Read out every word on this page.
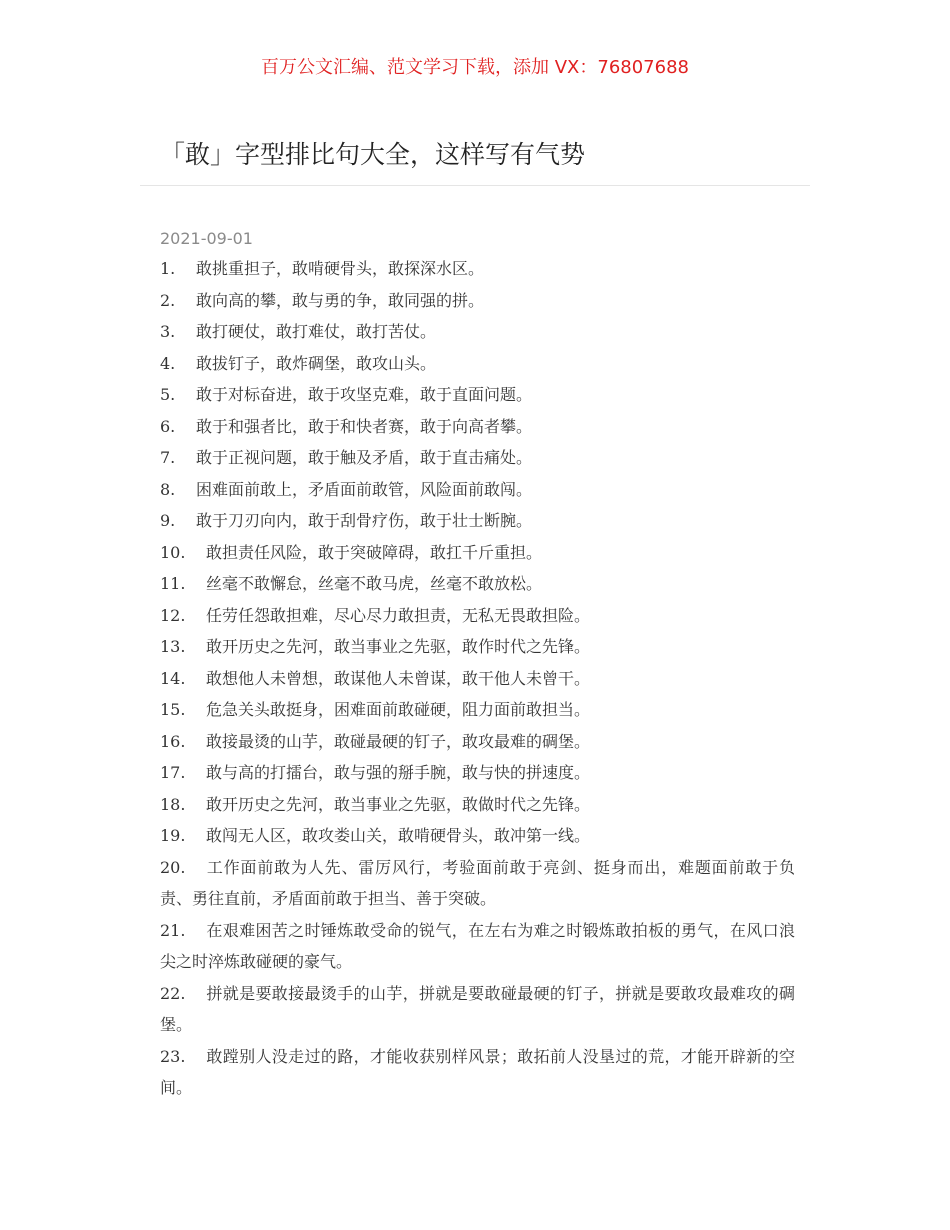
百万公文汇编、范文学习下载，添加 VX：76807688
「敢」字型排比句大全，这样写有气势
2021-09-01
1. 敢挑重担子，敢啃硬骨头，敢探深水区。
2. 敢向高的攀，敢与勇的争，敢同强的拼。
3. 敢打硬仗，敢打难仗，敢打苦仗。
4. 敢拔钉子，敢炸碉堡，敢攻山头。
5. 敢于对标奋进，敢于攻坚克难，敢于直面问题。
6. 敢于和强者比，敢于和快者赛，敢于向高者攀。
7. 敢于正视问题，敢于触及矛盾，敢于直击痛处。
8. 困难面前敢上，矛盾面前敢管，风险面前敢闯。
9. 敢于刀刃向内，敢于刮骨疗伤，敢于壮士断腕。
10. 敢担责任风险，敢于突破障碍，敢扛千斤重担。
11. 丝毫不敢懈怠，丝毫不敢马虎，丝毫不敢放松。
12. 任劳任怨敢担难，尽心尽力敢担责，无私无畏敢担险。
13. 敢开历史之先河，敢当事业之先驱，敢作时代之先锋。
14. 敢想他人未曾想，敢谋他人未曾谋，敢干他人未曾干。
15. 危急关头敢挺身，困难面前敢碰硬，阻力面前敢担当。
16. 敢接最烫的山芋，敢碰最硬的钉子，敢攻最难的碉堡。
17. 敢与高的打擂台，敢与强的掰手腕，敢与快的拼速度。
18. 敢开历史之先河，敢当事业之先驱，敢做时代之先锋。
19. 敢闯无人区，敢攻娄山关，敢啃硬骨头，敢冲第一线。
20. 工作面前敢为人先、雷厉风行，考验面前敢于亮剑、挺身而出，难题面前敢于负责、勇往直前，矛盾面前敢于担当、善于突破。
21. 在艰难困苦之时锤炼敢受命的锐气，在左右为难之时锻炼敢拍板的勇气，在风口浪尖之时淬炼敢碰硬的豪气。
22. 拼就是要敢接最烫手的山芋，拼就是要敢碰最硬的钉子，拼就是要敢攻最难攻的碉堡。
23. 敢蹚别人没走过的路，才能收获别样风景；敢拓前人没垦过的荒，才能开辟新的空间。
